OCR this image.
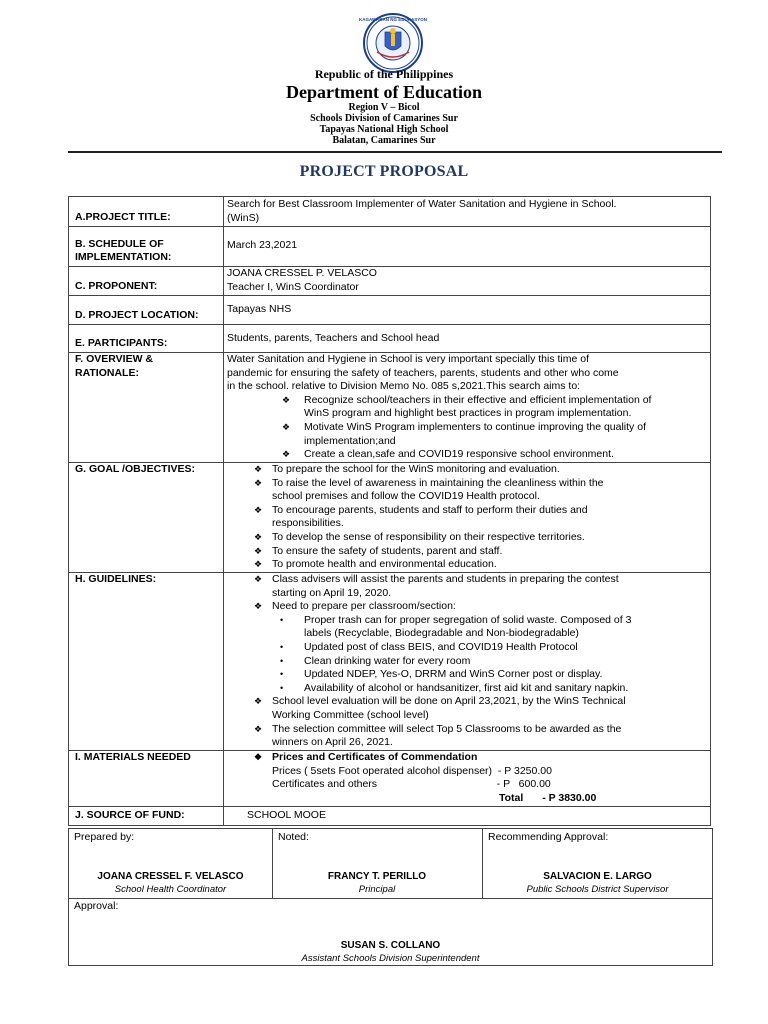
KAGAWARAN NG EDUKASYON
Republic of the Philippines
Department of Education
Region V – Bicol
Schools Division of Camarines Sur
Tapayas National High School
Balatan, Camarines Sur
PROJECT PROPOSAL
A.PROJECT TITLE:
Search for Best Classroom Implementer of Water Sanitation and Hygiene in School.
(WinS)
B. SCHEDULE OF
IMPLEMENTATION:
March 23,2021
C. PROPONENT:
JOANA CRESSEL P. VELASCO
Teacher I, WinS Coordinator
D. PROJECT LOCATION:	Tapayas NHS
E. PARTICIPANTS:	Students, parents, Teachers and School head
F. OVERVIEW &
RATIONALE:
Water Sanitation and Hygiene in School is very important specially this time of
pandemic for ensuring the safety of teachers, parents, students and other who come
in the school. relative to Division Memo No. 085 s,2021.This search aims to:
❖ Recognize school/teachers in their effective and efficient implementation of
WinS program and highlight best practices in program implementation.
❖ Motivate WinS Program implementers to continue improving the quality of
implementation;and
❖ Create a clean,safe and COVID19 responsive school environment.
G. GOAL /OBJECTIVES:	❖ To prepare the school for the WinS monitoring and evaluation.
❖ To raise the level of awareness in maintaining the cleanliness within the
school premises and follow the COVID19 Health protocol.
❖ To encourage parents, students and staff to perform their duties and
responsibilities.
❖ To develop the sense of responsibility on their respective territories.
❖ To ensure the safety of students, parent and staff.
❖ To promote health and environmental education.
H. GUIDELINES:	❖ Class advisers will assist the parents and students in preparing the contest
starting on April 19, 2020.
❖ Need to prepare per classroom/section:
• Proper trash can for proper segregation of solid waste. Composed of 3
labels (Recyclable, Biodegradable and Non-biodegradable)
• Updated post of class BEIS, and COVID19 Health Protocol
• Clean drinking water for every room
• Updated NDEP, Yes-O, DRRM and WinS Corner post or display.
• Availability of alcohol or handsanitizer, first aid kit and sanitary napkin.
❖ School level evaluation will be done on April 23,2021, by the WinS Technical
Working Committee (school level)
❖ The selection committee will select Top 5 Classrooms to be awarded as the
winners on April 26, 2021.
I. MATERIALS NEEDED	❖ Prices and Certificates of Commendation
Prices ( 5sets Foot operated alcohol dispenser)  - P 3250.00
Certificates and others                                         - P   600.00
Total - P 3830.00
J. SOURCE OF FUND:	SCHOOL MOOE
Prepared by:
JOANA CRESSEL F. VELASCO
School Health Coordinator
Noted:
FRANCY T. PERILLO
Principal
Recommending Approval:
SALVACION E. LARGO
Public Schools District Supervisor
Approval:
SUSAN S. COLLANO
Assistant Schools Division Superintendent
